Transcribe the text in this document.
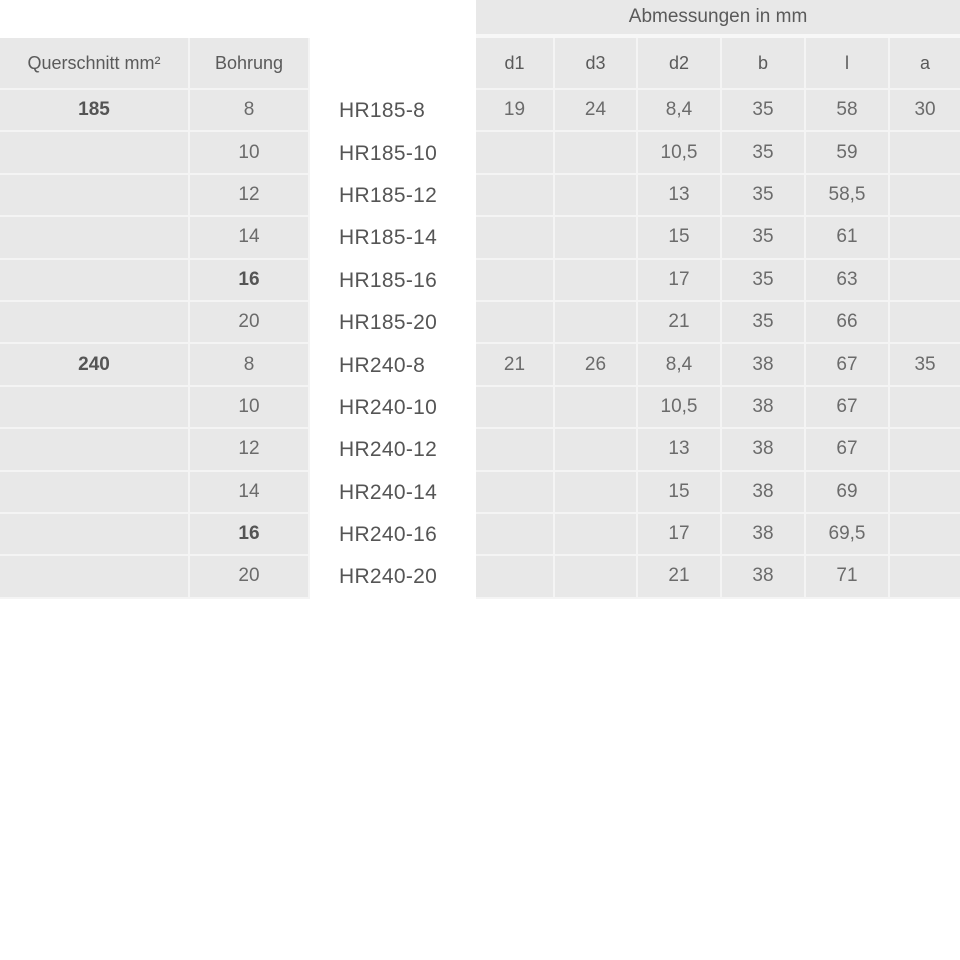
			Abmessungen in mm					
Querschnitt mm²	Bohrung		d1	d3	d2	b	l	a
185	8	HR185-8	19	24	8,4	35	58	30
	10	HR185-10			10,5	35	59	
	12	HR185-12			13	35	58,5	
	14	HR185-14			15	35	61	
	16	HR185-16			17	35	63	
	20	HR185-20			21	35	66	
240	8	HR240-8	21	26	8,4	38	67	35
	10	HR240-10			10,5	38	67	
	12	HR240-12			13	38	67	
	14	HR240-14			15	38	69	
	16	HR240-16			17	38	69,5	
	20	HR240-20			21	38	71	
